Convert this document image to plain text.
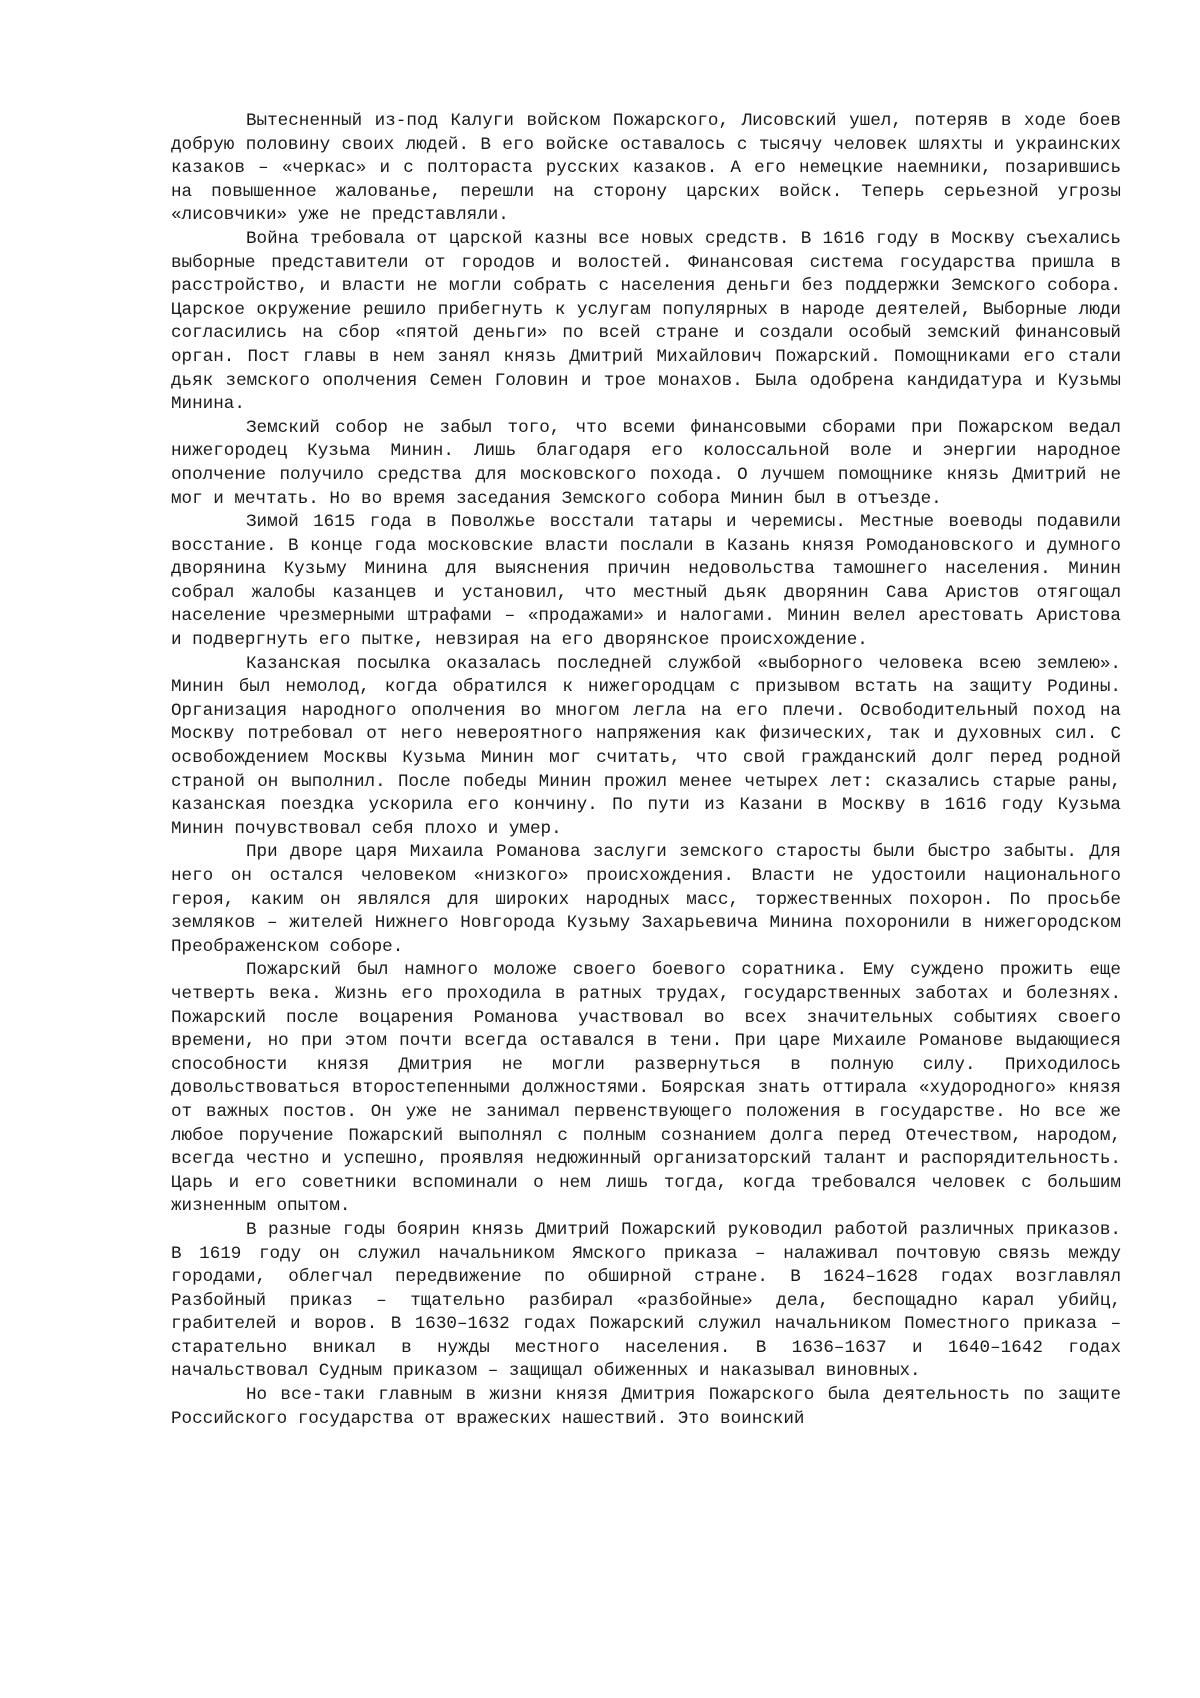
Вытесненный из-под Калуги войском Пожарского, Лисовский ушел, потеряв в ходе боев добрую половину своих людей. В его войске оставалось с тысячу человек шляхты и украинских казаков – «черкас» и с полтораста русских казаков. А его немецкие наемники, позарившись на повышенное жалованье, перешли на сторону царских войск. Теперь серьезной угрозы «лисовчики» уже не представляли.

Война требовала от царской казны все новых средств. В 1616 году в Москву съехались выборные представители от городов и волостей. Финансовая система государства пришла в расстройство, и власти не могли собрать с населения деньги без поддержки Земского собора. Царское окружение решило прибегнуть к услугам популярных в народе деятелей, Выборные люди согласились на сбор «пятой деньги» по всей стране и создали особый земский финансовый орган. Пост главы в нем занял князь Дмитрий Михайлович Пожарский. Помощниками его стали дьяк земского ополчения Семен Головин и трое монахов. Была одобрена кандидатура и Кузьмы Минина.

Земский собор не забыл того, что всеми финансовыми сборами при Пожарском ведал нижегородец Кузьма Минин. Лишь благодаря его колоссальной воле и энергии народное ополчение получило средства для московского похода. О лучшем помощнике князь Дмитрий не мог и мечтать. Но во время заседания Земского собора Минин был в отъезде.

Зимой 1615 года в Поволжье восстали татары и черемисы. Местные воеводы подавили восстание. В конце года московские власти послали в Казань князя Ромодановского и думного дворянина Кузьму Минина для выяснения причин недовольства тамошнего населения. Минин собрал жалобы казанцев и установил, что местный дьяк дворянин Сава Аристов отягощал население чрезмерными штрафами – «продажами» и налогами. Минин велел арестовать Аристова и подвергнуть его пытке, невзирая на его дворянское происхождение.

Казанская посылка оказалась последней службой «выборного человека всею землею». Минин был немолод, когда обратился к нижегородцам с призывом встать на защиту Родины. Организация народного ополчения во многом легла на его плечи. Освободительный поход на Москву потребовал от него невероятного напряжения как физических, так и духовных сил. С освобождением Москвы Кузьма Минин мог считать, что свой гражданский долг перед родной страной он выполнил. После победы Минин прожил менее четырех лет: сказались старые раны, казанская поездка ускорила его кончину. По пути из Казани в Москву в 1616 году Кузьма Минин почувствовал себя плохо и умер.

При дворе царя Михаила Романова заслуги земского старосты были быстро забыты. Для него он остался человеком «низкого» происхождения. Власти не удостоили национального героя, каким он являлся для широких народных масс, торжественных похорон. По просьбе земляков – жителей Нижнего Новгорода Кузьму Захарьевича Минина похоронили в нижегородском Преображенском соборе.

Пожарский был намного моложе своего боевого соратника. Ему суждено прожить еще четверть века. Жизнь его проходила в ратных трудах, государственных заботах и болезнях. Пожарский после воцарения Романова участвовал во всех значительных событиях своего времени, но при этом почти всегда оставался в тени. При царе Михаиле Романове выдающиеся способности князя Дмитрия не могли развернуться в полную силу. Приходилось довольствоваться второстепенными должностями. Боярская знать оттирала «худородного» князя от важных постов. Он уже не занимал первенствующего положения в государстве. Но все же любое поручение Пожарский выполнял с полным сознанием долга перед Отечеством, народом, всегда честно и успешно, проявляя недюжинный организаторский талант и распорядительность. Царь и его советники вспоминали о нем лишь тогда, когда требовался человек с большим жизненным опытом.

В разные годы боярин князь Дмитрий Пожарский руководил работой различных приказов. В 1619 году он служил начальником Ямского приказа – налаживал почтовую связь между городами, облегчал передвижение по обширной стране. В 1624–1628 годах возглавлял Разбойный приказ – тщательно разбирал «разбойные» дела, беспощадно карал убийц, грабителей и воров. В 1630–1632 годах Пожарский служил начальником Поместного приказа – старательно вникал в нужды местного населения. В 1636–1637 и 1640–1642 годах начальствовал Судным приказом – защищал обиженных и наказывал виновных.

Но все-таки главным в жизни князя Дмитрия Пожарского была деятельность по защите Российского государства от вражеских нашествий. Это воинский
